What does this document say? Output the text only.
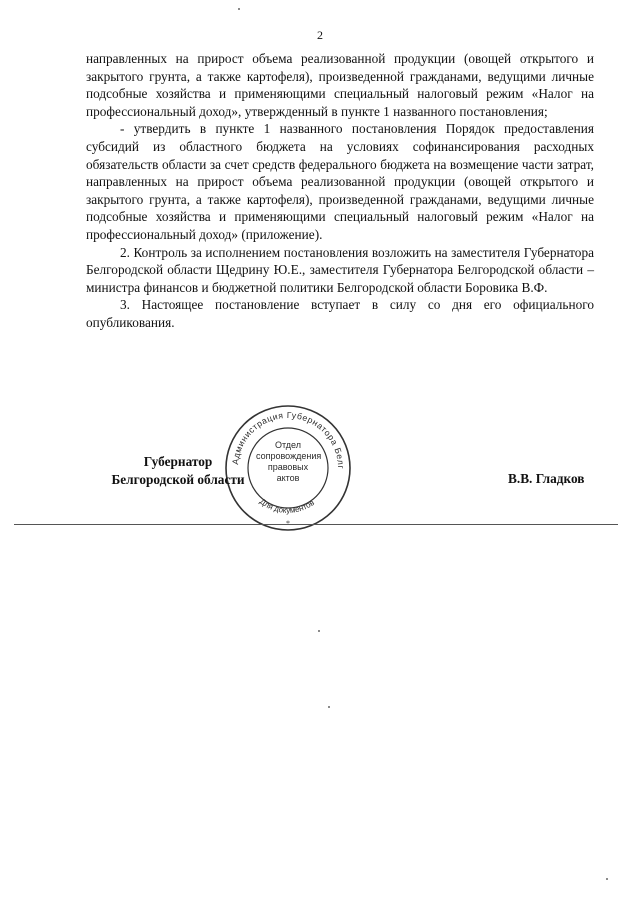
2

направленных на прирост объема реализованной продукции (овощей открытого и закрытого грунта, а также картофеля), произведенной гражданами, ведущими личные подсобные хозяйства и применяющими специальный налоговый режим «Налог на профессиональный доход», утвержденный в пункте 1 названного постановления;

- утвердить в пункте 1 названного постановления Порядок предоставления субсидий из областного бюджета на условиях софинансирования расходных обязательств области за счет средств федерального бюджета на возмещение части затрат, направленных на прирост объема реализованной продукции (овощей открытого и закрытого грунта, а также картофеля), произведенной гражданами, ведущими личные подсобные хозяйства и применяющими специальный налоговый режим «Налог на профессиональный доход» (приложение).

2. Контроль за исполнением постановления возложить на заместителя Губернатора Белгородской области Щедрину Ю.Е., заместителя Губернатора Белгородской области – министра финансов и бюджетной политики Белгородской области Боровика В.Ф.

3. Настоящее постановление вступает в силу со дня его официального опубликования.

Администрация Губернатора Белг
Для документов
Отдел
сопровождения
правовых
актов
Губернатор
Белгородской области	В.В. Гладков
